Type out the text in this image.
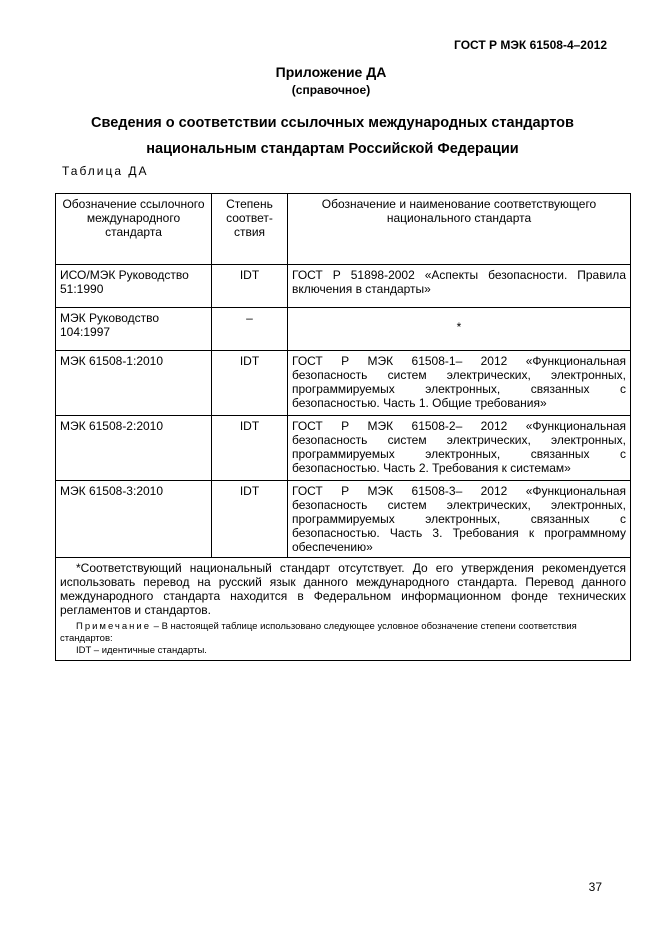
ГОСТ Р МЭК 61508-4–2012
Приложение ДА
(справочное)
Сведения о соответствии ссылочных международных стандартов
национальным стандартам Российской Федерации
Таблица ДА
Обозначение ссылочного международного стандарта	Степень соответ-ствия	Обозначение и наименование соответствующего национального стандарта
ИСО/МЭК Руководство 51:1990	IDT	ГОСТ Р 51898-2002 «Аспекты безопасности. Правила включения в стандарты»
МЭК Руководство 104:1997	–	*
МЭК 61508-1:2010	IDT	ГОСТ Р МЭК 61508-1– 2012 «Функциональная безопасность систем электрических, электронных, программируемых электронных, связанных с безопасностью. Часть 1. Общие требования»
МЭК 61508-2:2010	IDT	ГОСТ Р МЭК 61508-2– 2012 «Функциональная безопасность систем электрических, электронных, программируемых электронных, связанных с безопасностью. Часть 2. Требования к системам»
МЭК 61508-3:2010	IDT	ГОСТ Р МЭК 61508-3– 2012 «Функциональная безопасность систем электрических, электронных, программируемых электронных, связанных с безопасностью. Часть 3. Требования к программному обеспечению»

*Соответствующий национальный стандарт отсутствует. До его утверждения рекомендуется использовать перевод на русский язык данного международного стандарта. Перевод данного международного стандарта находится в Федеральном информационном фонде технических регламентов и стандартов.

Примечание – В настоящей таблице использовано следующее условное обозначение степени соответствия стандартов:
IDT – идентичные стандарты.		
37
